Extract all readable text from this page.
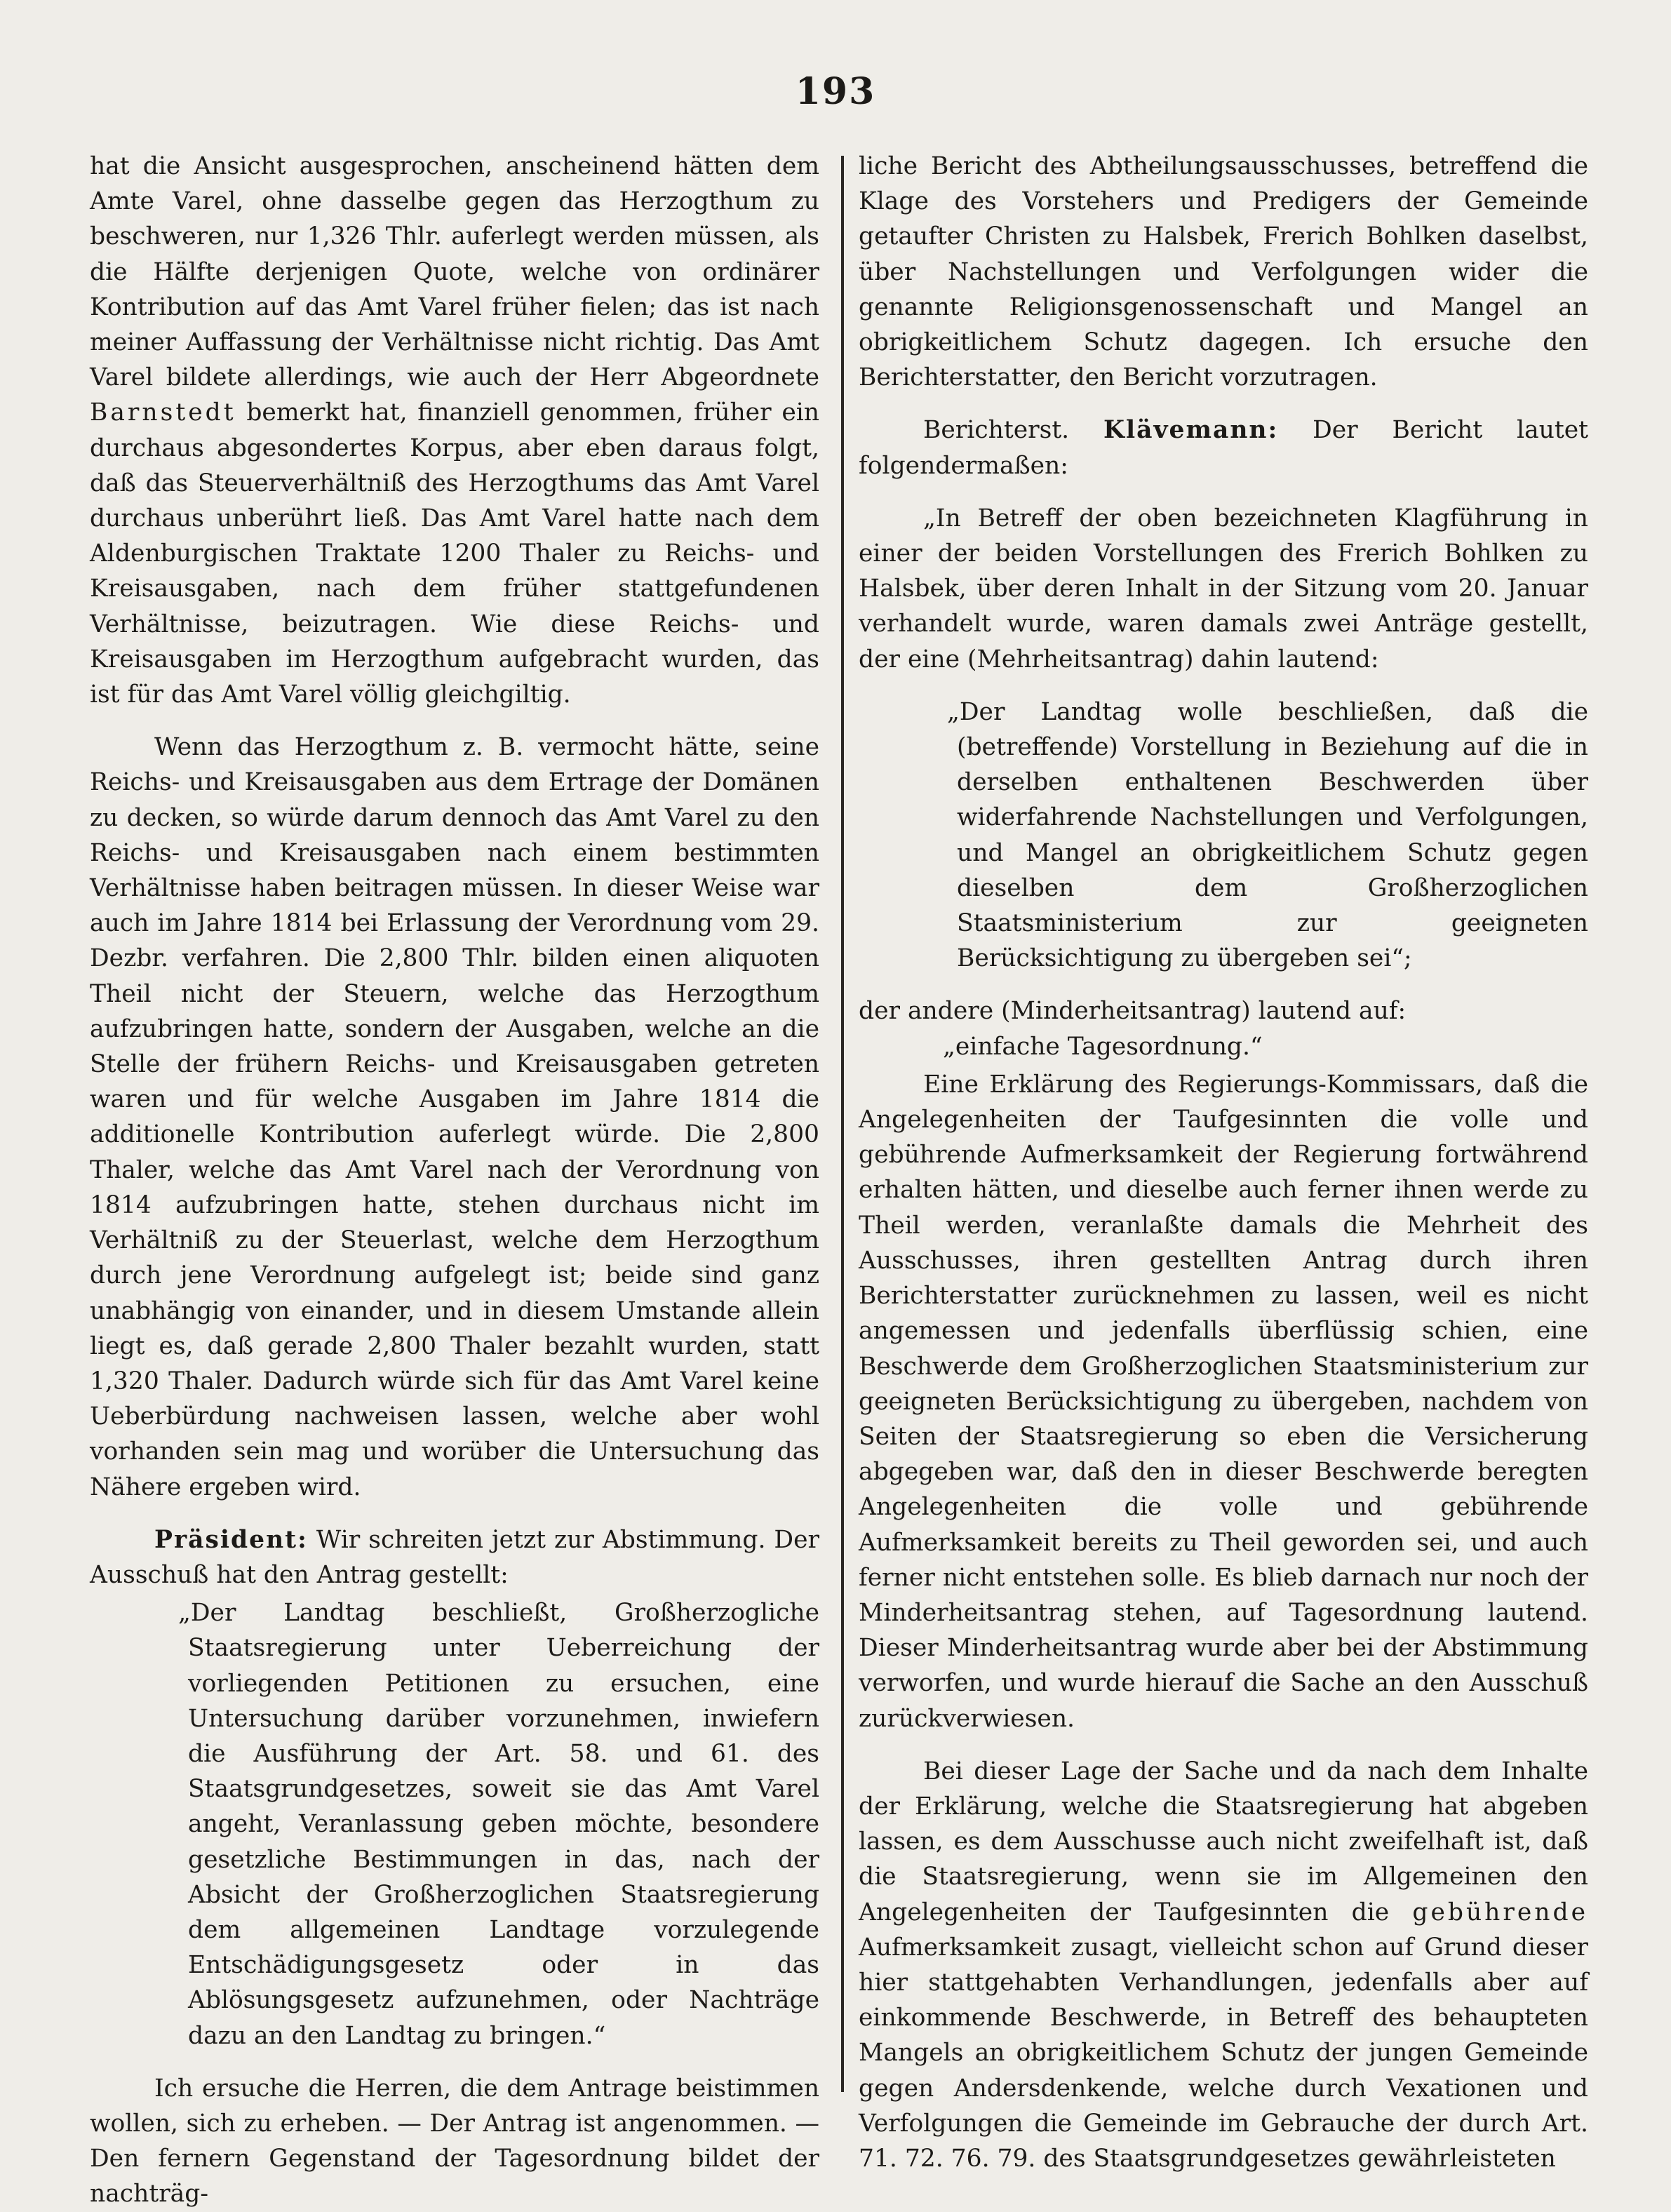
193

hat die Ansicht ausgesprochen, anscheinend hätten dem Amte Varel, ohne dasselbe gegen das Herzogthum zu beschweren, nur 1,326 Thlr. auferlegt werden müssen, als die Hälfte derjenigen Quote, welche von ordinärer Kontribution auf das Amt Varel früher fielen; das ist nach meiner Auffassung der Verhältnisse nicht richtig. Das Amt Varel bildete allerdings, wie auch der Herr Abgeordnete Barnstedt bemerkt hat, finanziell genommen, früher ein durchaus abgesondertes Korpus, aber eben daraus folgt, daß das Steuerverhältniß des Herzogthums das Amt Varel durchaus unberührt ließ. Das Amt Varel hatte nach dem Aldenburgischen Traktate 1200 Thaler zu Reichs- und Kreisausgaben, nach dem früher stattgefundenen Verhältnisse, beizutragen. Wie diese Reichs- und Kreisausgaben im Herzogthum aufgebracht wurden, das ist für das Amt Varel völlig gleichgiltig.

Wenn das Herzogthum z. B. vermocht hätte, seine Reichs- und Kreisausgaben aus dem Ertrage der Domänen zu decken, so würde darum dennoch das Amt Varel zu den Reichs- und Kreisausgaben nach einem bestimmten Verhältnisse haben beitragen müssen. In dieser Weise war auch im Jahre 1814 bei Erlassung der Verordnung vom 29. Dezbr. verfahren. Die 2,800 Thlr. bilden einen aliquoten Theil nicht der Steuern, welche das Herzogthum aufzubringen hatte, sondern der Ausgaben, welche an die Stelle der frühern Reichs- und Kreisausgaben getreten waren und für welche Ausgaben im Jahre 1814 die additionelle Kontribution auferlegt würde. Die 2,800 Thaler, welche das Amt Varel nach der Verordnung von 1814 aufzubringen hatte, stehen durchaus nicht im Verhältniß zu der Steuerlast, welche dem Herzogthum durch jene Verordnung aufgelegt ist; beide sind ganz unabhängig von einander, und in diesem Umstande allein liegt es, daß gerade 2,800 Thaler bezahlt wurden, statt 1,320 Thaler. Dadurch würde sich für das Amt Varel keine Ueberbürdung nachweisen lassen, welche aber wohl vorhanden sein mag und worüber die Untersuchung das Nähere ergeben wird.

Präsident: Wir schreiten jetzt zur Abstimmung. Der Ausschuß hat den Antrag gestellt:

„Der Landtag beschließt, Großherzogliche Staatsregierung unter Ueberreichung der vorliegenden Petitionen zu ersuchen, eine Untersuchung darüber vorzunehmen, inwiefern die Ausführung der Art. 58. und 61. des Staatsgrundgesetzes, soweit sie das Amt Varel angeht, Veranlassung geben möchte, besondere gesetzliche Bestimmungen in das, nach der Absicht der Großherzoglichen Staatsregierung dem allgemeinen Landtage vorzulegende Entschädigungsgesetz oder in das Ablösungsgesetz aufzunehmen, oder Nachträge dazu an den Landtag zu bringen.“

Ich ersuche die Herren, die dem Antrage beistimmen wollen, sich zu erheben. — Der Antrag ist angenommen. — Den fernern Gegenstand der Tagesordnung bildet der nachträg-

liche Bericht des Abtheilungsausschusses, betreffend die Klage des Vorstehers und Predigers der Gemeinde getaufter Christen zu Halsbek, Frerich Bohlken daselbst, über Nachstellungen und Verfolgungen wider die genannte Religionsgenossenschaft und Mangel an obrigkeitlichem Schutz dagegen. Ich ersuche den Berichterstatter, den Bericht vorzutragen.

Berichterst. Klävemann: Der Bericht lautet folgendermaßen:

„In Betreff der oben bezeichneten Klagführung in einer der beiden Vorstellungen des Frerich Bohlken zu Halsbek, über deren Inhalt in der Sitzung vom 20. Januar verhandelt wurde, waren damals zwei Anträge gestellt, der eine (Mehrheitsantrag) dahin lautend:

„Der Landtag wolle beschließen, daß die (betreffende) Vorstellung in Beziehung auf die in derselben enthaltenen Beschwerden über widerfahrende Nachstellungen und Verfolgungen, und Mangel an obrigkeitlichem Schutz gegen dieselben dem Großherzoglichen Staatsministerium zur geeigneten Berücksichtigung zu übergeben sei“;

der andere (Minderheitsantrag) lautend auf:
„einfache Tagesordnung.“

Eine Erklärung des Regierungs-Kommissars, daß die Angelegenheiten der Taufgesinnten die volle und gebührende Aufmerksamkeit der Regierung fortwährend erhalten hätten, und dieselbe auch ferner ihnen werde zu Theil werden, veranlaßte damals die Mehrheit des Ausschusses, ihren gestellten Antrag durch ihren Berichterstatter zurücknehmen zu lassen, weil es nicht angemessen und jedenfalls überflüssig schien, eine Beschwerde dem Großherzoglichen Staatsministerium zur geeigneten Berücksichtigung zu übergeben, nachdem von Seiten der Staatsregierung so eben die Versicherung abgegeben war, daß den in dieser Beschwerde beregten Angelegenheiten die volle und gebührende Aufmerksamkeit bereits zu Theil geworden sei, und auch ferner nicht entstehen solle. Es blieb darnach nur noch der Minderheitsantrag stehen, auf Tagesordnung lautend. Dieser Minderheitsantrag wurde aber bei der Abstimmung verworfen, und wurde hierauf die Sache an den Ausschuß zurückverwiesen.

Bei dieser Lage der Sache und da nach dem Inhalte der Erklärung, welche die Staatsregierung hat abgeben lassen, es dem Ausschusse auch nicht zweifelhaft ist, daß die Staatsregierung, wenn sie im Allgemeinen den Angelegenheiten der Taufgesinnten die gebührende Aufmerksamkeit zusagt, vielleicht schon auf Grund dieser hier stattgehabten Verhandlungen, jedenfalls aber auf einkommende Beschwerde, in Betreff des behaupteten Mangels an obrigkeitlichem Schutz der jungen Gemeinde gegen Andersdenkende, welche durch Vexationen und Verfolgungen die Gemeinde im Gebrauche der durch Art. 71. 72. 76. 79. des Staatsgrundgesetzes gewährleisteten
